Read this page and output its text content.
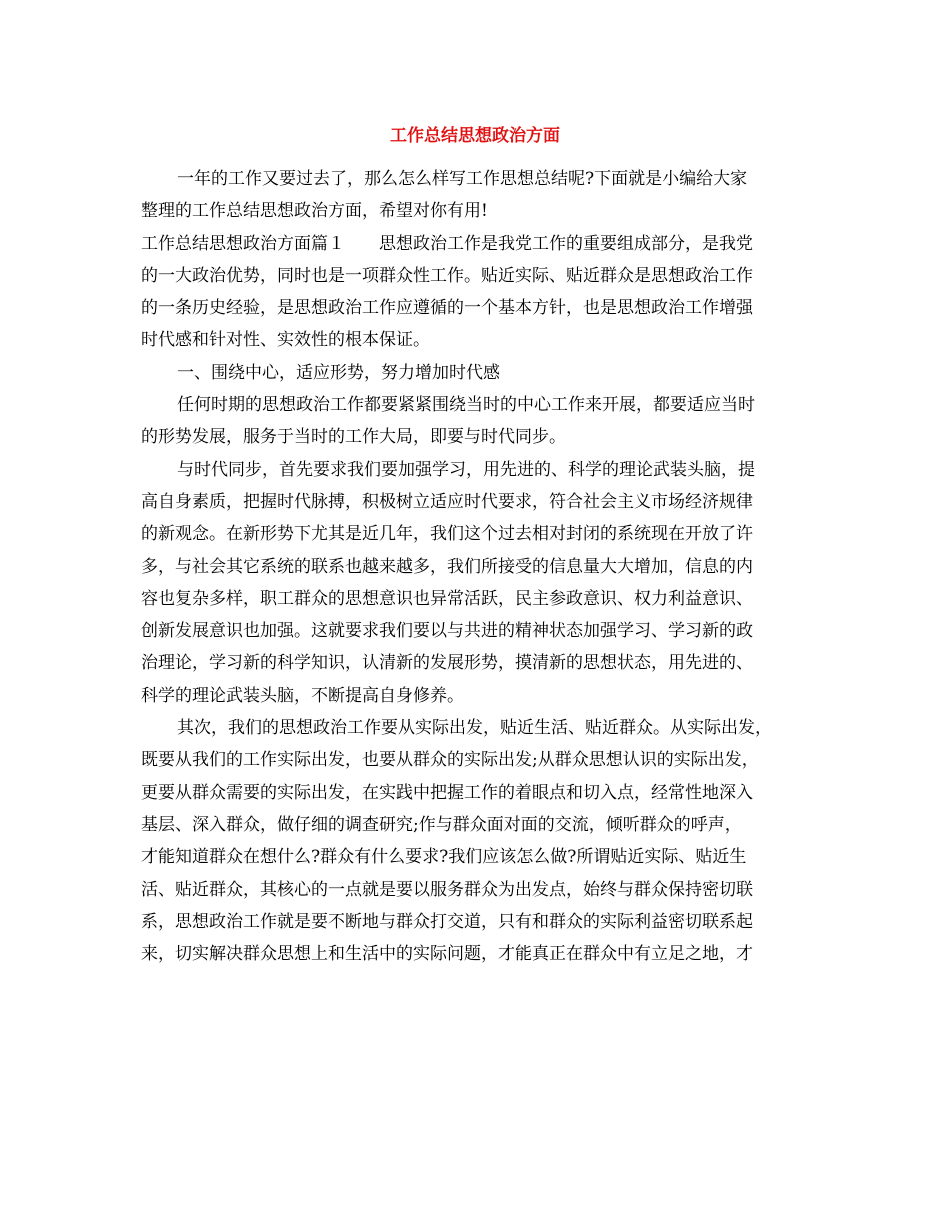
工作总结思想政治方面
一年的工作又要过去了，那么怎么样写工作思想总结呢?下面就是小编给大家
整理的工作总结思想政治方面，希望对你有用!
工作总结思想政治方面篇１　　思想政治工作是我党工作的重要组成部分，是我党
的一大政治优势，同时也是一项群众性工作。贴近实际、贴近群众是思想政治工作
的一条历史经验，是思想政治工作应遵循的一个基本方针，也是思想政治工作增强
时代感和针对性、实效性的根本保证。
一、围绕中心，适应形势，努力增加时代感
任何时期的思想政治工作都要紧紧围绕当时的中心工作来开展，都要适应当时
的形势发展，服务于当时的工作大局，即要与时代同步。
与时代同步，首先要求我们要加强学习，用先进的、科学的理论武装头脑，提
高自身素质，把握时代脉搏，积极树立适应时代要求，符合社会主义市场经济规律
的新观念。在新形势下尤其是近几年，我们这个过去相对封闭的系统现在开放了许
多，与社会其它系统的联系也越来越多，我们所接受的信息量大大增加，信息的内
容也复杂多样，职工群众的思想意识也异常活跃，民主参政意识、权力利益意识、
创新发展意识也加强。这就要求我们要以与共进的精神状态加强学习、学习新的政
治理论，学习新的科学知识，认清新的发展形势，摸清新的思想状态，用先进的、
科学的理论武装头脑，不断提高自身修养。
其次，我们的思想政治工作要从实际出发，贴近生活、贴近群众。从实际出发，
既要从我们的工作实际出发，也要从群众的实际出发;从群众思想认识的实际出发，
更要从群众需要的实际出发，在实践中把握工作的着眼点和切入点，经常性地深入
基层、深入群众，做仔细的调查研究;作与群众面对面的交流，倾听群众的呼声，
才能知道群众在想什么?群众有什么要求?我们应该怎么做?所谓贴近实际、贴近生
活、贴近群众，其核心的一点就是要以服务群众为出发点，始终与群众保持密切联
系，思想政治工作就是要不断地与群众打交道，只有和群众的实际利益密切联系起
来，切实解决群众思想上和生活中的实际问题，才能真正在群众中有立足之地，才
